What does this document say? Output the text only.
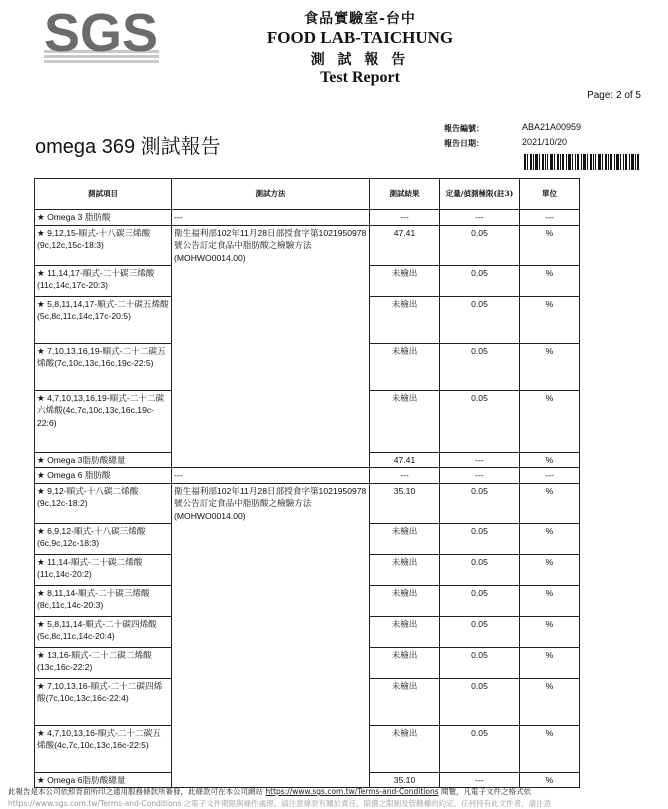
SGS	食品實驗室-台中
FOOD LAB-TAICHUNG
測 試 報 告
Test Report
Page: 2 of 5
omega 369 測試報告
報告編號：	ABA21A00959
報告日期：	2021/10/20
測試項目	測試方法	測試結果	定量/偵測極限(註3)	單位
★ Omega 3 脂肪酸	---	---	---	---
★ 9,12,15-順式-十八碳三烯酸(9c,12c,15c-18:3)	衛生福利部102年11月28日部授食字第1021950978號公告訂定食品中脂肪酸之檢驗方法(MOHWO0014.00)	47.41	0.05	%
★ 11,14,17-順式-二十碳三烯酸(11c,14c,17c-20:3)		未檢出	0.05	%
★ 5,8,11,14,17-順式-二十碳五烯酸(5c,8c,11c,14c,17c-20:5)		未檢出	0.05	%
★ 7,10,13,16,19-順式-二十二碳五烯酸(7c,10c,13c,16c,19c-22:5)		未檢出	0.05	%
★ 4,7,10,13,16,19-順式-二十二碳六烯酸(4c,7c,10c,13c,16c,19c-22:6)		未檢出	0.05	%
★ Omega 3脂肪酸總量		47.41	---	%
★ Omega 6 脂肪酸	---	---	---	---
★ 9,12-順式-十八碳二烯酸(9c,12c-18:2)	衛生福利部102年11月28日部授食字第1021950978號公告訂定食品中脂肪酸之檢驗方法(MOHWO0014.00)	35.10	0.05	%
★ 6,9,12-順式-十八碳三烯酸(6c,9c,12c-18:3)		未檢出	0.05	%
★ 11,14-順式-二十碳二烯酸(11c,14c-20:2)		未檢出	0.05	%
★ 8,11,14-順式-二十碳三烯酸(8c,11c,14c-20:3)		未檢出	0.05	%
★ 5,8,11,14-順式-二十碳四烯酸(5c,8c,11c,14c-20:4)		未檢出	0.05	%
★ 13,16-順式-二十二碳二烯酸(13c,16c-22:2)		未檢出	0.05	%
★ 7,10,13,16-順式-二十二碳四烯酸(7c,10c,13c,16c-22:4)		未檢出	0.05	%
★ 4,7,10,13,16-順式-二十二碳五烯酸(4c,7c,10c,13c,16c-22:5)		未檢出	0.05	%
★ Omega 6脂肪酸總量		35.10	---	%
此報告是本公司依照背面所印之通用服務條款所簽發，此條款可在本公司網站 https://www.sgs.com.tw/Terms-and-Conditions 閱覽，凡電子文件之格式依
https://www.sgs.com.tw/Terms-and-Conditions 之電子文件期限與條件處理。請注意條款有關於責任、賠償之限制及管轄權的約定。任何持有此文件者，請注意
